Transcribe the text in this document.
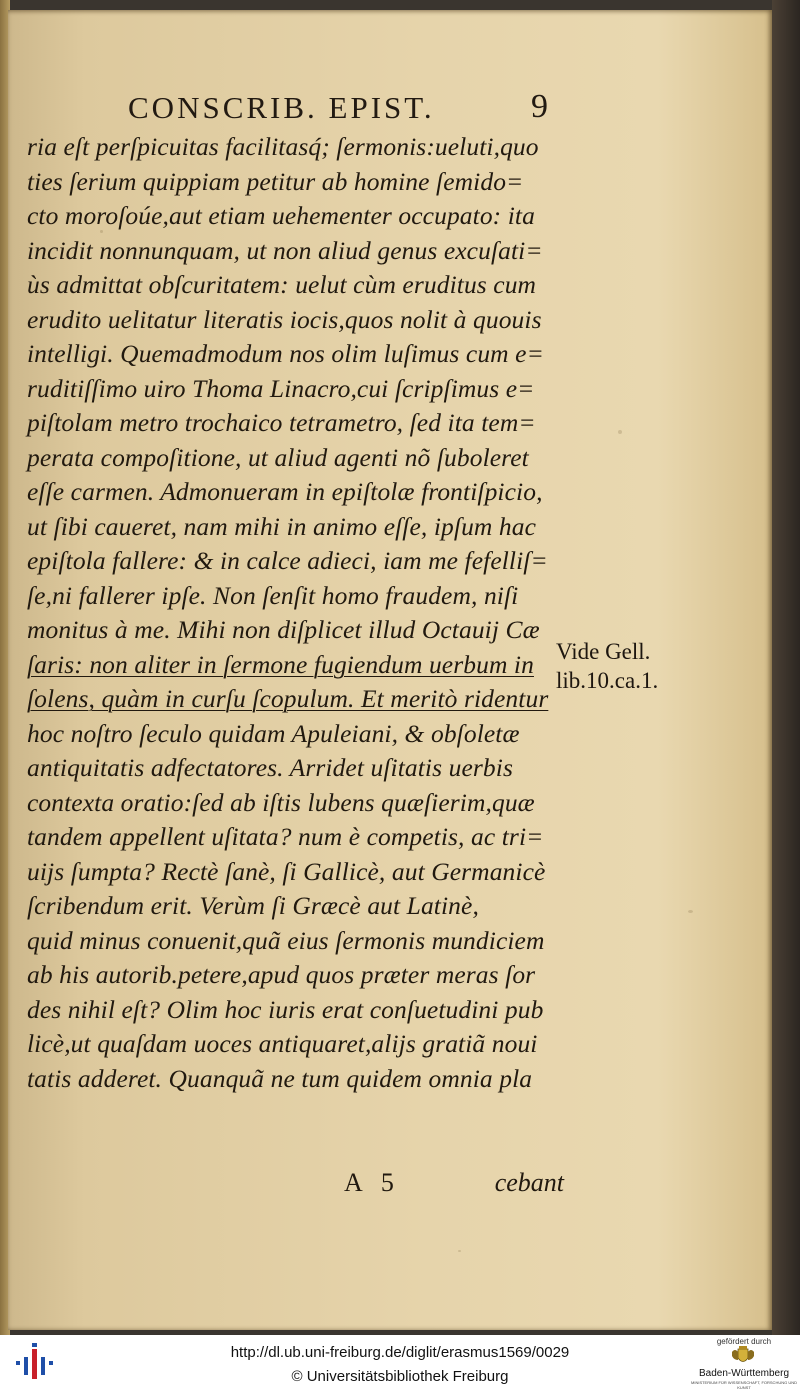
CONSCRIB. EPIST.	9
ria eſt perſpicuitas facilitasq́; ſermonis:ueluti,quo
ties ſerium quippiam petitur ab homine ſemido=
cto moroſoúe,aut etiam uehementer occupato: ita
incidit nonnunquam, ut non aliud genus excuſati=
ùs admittat obſcuritatem: uelut cùm eruditus cum
erudito uelitatur literatis iocis,quos nolit à quouis
intelligi. Quemadmodum nos olim luſimus cum e=
ruditiſſimo uiro Thoma Linacro,cui ſcripſimus e=
piſtolam metro trochaico tetrametro, ſed ita tem=
perata compoſitione, ut aliud agenti nõ ſuboleret
eſſe carmen. Admonueram in epiſtolæ frontiſpicio,
ut ſibi caueret, nam mihi in animo eſſe, ipſum hac
epiſtola fallere: & in calce adieci, iam me fefelliſ=
ſe,ni fallerer ipſe. Non ſenſit homo fraudem, niſi
monitus à me. Mihi non diſplicet illud Octauij Cæ
ſaris: non aliter in ſermone fugiendum uerbum in
ſolens, quàm in curſu ſcopulum. Et meritò ridentur
hoc noſtro ſeculo quidam Apuleiani, & obſoletæ
antiquitatis adfectatores. Arridet uſitatis uerbis
contexta oratio:ſed ab iſtis lubens quæſierim,quæ
tandem appellent uſitata? num è competis, ac tri=
uijs ſumpta? Rectè ſanè, ſi Gallicè, aut Germanicè
ſcribendum erit. Verùm ſi Græcè aut Latinè,
quid minus conuenit,quã eius ſermonis mundiciem
ab his autorib.petere,apud quos præter meras ſor
des nihil eſt? Olim hoc iuris erat conſuetudini pub
licè,ut quaſdam uoces antiquaret,alijs gratiã noui
tatis adderet. Quanquã ne tum quidem omnia pla
Vide Gell.
lib.10.ca.1.
A   5	cebant
http://dl.ub.uni-freiburg.de/diglit/erasmus1569/0029
© Universitätsbibliothek Freiburg
gefördert durch
Baden-Württemberg
MINISTERIUM FÜR WISSENSCHAFT, FORSCHUNG UND KUNST
